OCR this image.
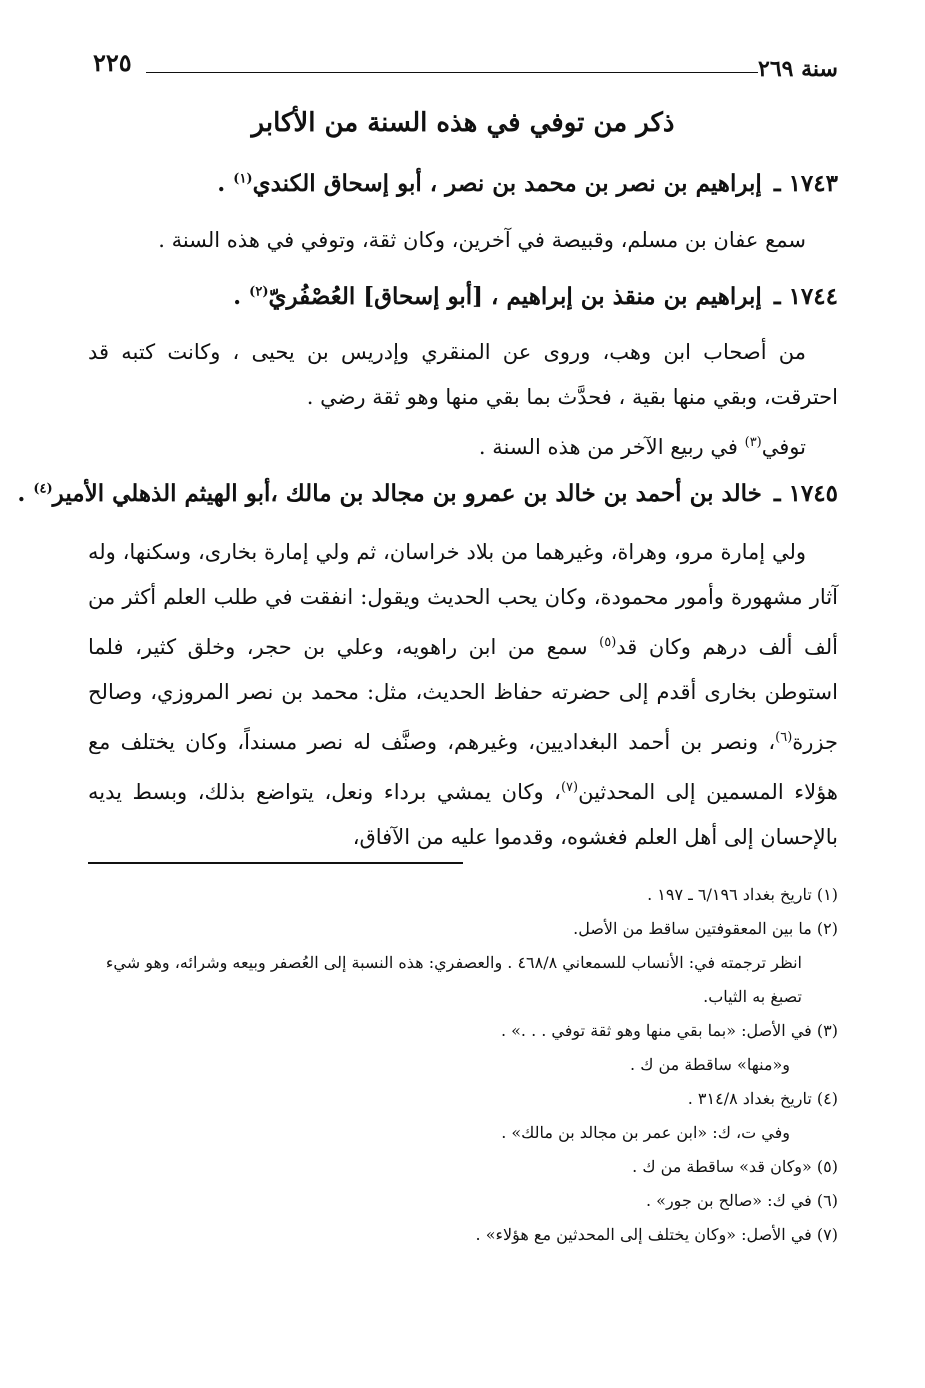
سنة ٢٦٩
٢٢٥
ذكر من توفي في هذه السنة من الأكابر
١٧٤٣ ـ إبراهيم بن نصر بن محمد بن نصر ، أبو إسحاق الكندي$^{(١)}$ .
سمع عفان بن مسلم، وقبيصة في آخرين، وكان ثقة، وتوفي في هذه السنة .
١٧٤٤ ـ إبراهيم بن منقذ بن إبراهيم ، [أبو إسحاق] العُصْفُريّ$^{(٢)}$ .
من أصحاب ابن وهب، وروى عن المنقري وإدريس بن يحيى ، وكانت كتبه قد احترقت، وبقي منها بقية ، فحدَّث بما بقي منها وهو ثقة رضي .
توفي$^{(٣)}$ في ربيع الآخر من هذه السنة .
١٧٤٥ ـ خالد بن أحمد بن خالد بن عمرو بن مجالد بن مالك ،أبو الهيثم الذهلي الأمير$^{(٤)}$ .
ولي إمارة مرو، وهراة، وغيرهما من بلاد خراسان، ثم ولي إمارة بخارى، وسكنها، وله آثار مشهورة وأمور محمودة، وكان يحب الحديث ويقول: انفقت في طلب العلم أكثر من ألف ألف درهم وكان قد$^{(٥)}$ سمع من ابن راهويه، وعلي بن حجر، وخلق كثير، فلما استوطن بخارى أقدم إلى حضرته حفاظ الحديث، مثل: محمد بن نصر المروزي، وصالح جزرة$^{(٦)}$، ونصر بن أحمد البغداديين، وغيرهم، وصنَّف له نصر مسنداً، وكان يختلف مع هؤلاء المسمين إلى المحدثين$^{(٧)}$، وكان يمشي برداء ونعل، يتواضع بذلك، وبسط يديه بالإحسان إلى أهل العلم فغشوه، وقدموا عليه من الآفاق،
(١) تاريخ بغداد ٦/١٩٦ ـ ١٩٧ .
(٢) ما بين المعقوفتين ساقط من الأصل.
انظر ترجمته في: الأنساب للسمعاني ٤٦٨/٨ . والعصفري: هذه النسبة إلى العُصفر وبيعه وشرائه، وهو شيء تصبغ به الثياب.
(٣) في الأصل: «بما بقي منها وهو ثقة توفي . . .» .
و«منها» ساقطة من ك .
(٤) تاريخ بغداد ٣١٤/٨ .
وفي ت، ك: «ابن عمر بن مجالد بن مالك» .
(٥) «وكان قد» ساقطة من ك .
(٦) في ك: «صالح بن جور» .
(٧) في الأصل: «وكان يختلف إلى المحدثين مع هؤلاء» .
